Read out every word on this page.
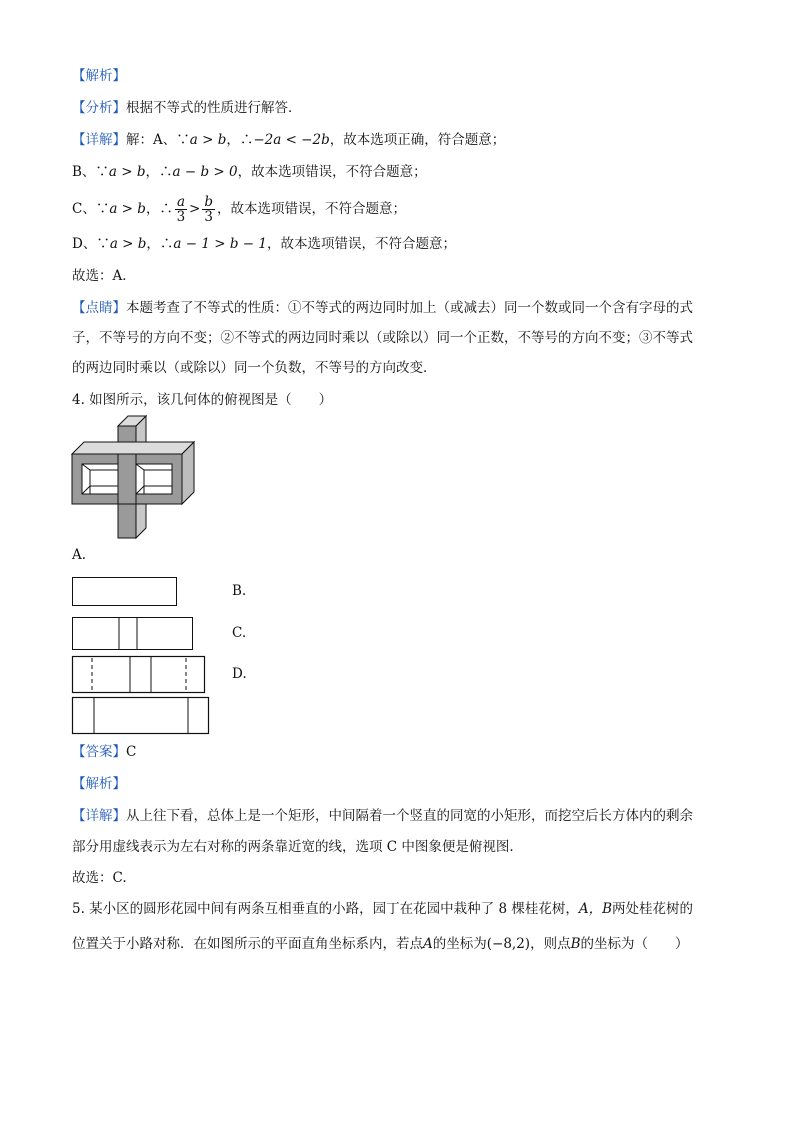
【解析】
【分析】根据不等式的性质进行解答．
【详解】解：A、∵a > b，∴−2a < −2b，故本选项正确，符合题意；
B、∵a > b，∴a − b > 0，故本选项错误，不符合题意；
C、∵a > b，∴ $\frac{a}{3} > \frac{b}{3}$ ，故本选项错误，不符合题意；
D、∵a > b，∴a − 1 > b − 1，故本选项错误，不符合题意；
故选：A．
【点睛】本题考查了不等式的性质：①不等式的两边同时加上（或减去）同一个数或同一个含有字母的式
子，不等号的方向不变；②不等式的两边同时乘以（或除以）同一个正数，不等号的方向不变；③不等式
的两边同时乘以（或除以）同一个负数，不等号的方向改变．
4. 如图所示，该几何体的俯视图是（　　）
A.
B.
C.
D.
【答案】C
【解析】
【详解】从上往下看，总体上是一个矩形，中间隔着一个竖直的同宽的小矩形，而挖空后长方体内的剩余
部分用虚线表示为左右对称的两条靠近宽的线，选项 C 中图象便是俯视图.
故选：C.
5. 某小区的圆形花园中间有两条互相垂直的小路，园丁在花园中栽种了 8 棵桂花树，A，B两处桂花树的
位置关于小路对称．在如图所示的平面直角坐标系内，若点A的坐标为(−8,2)，则点B的坐标为（　　）
